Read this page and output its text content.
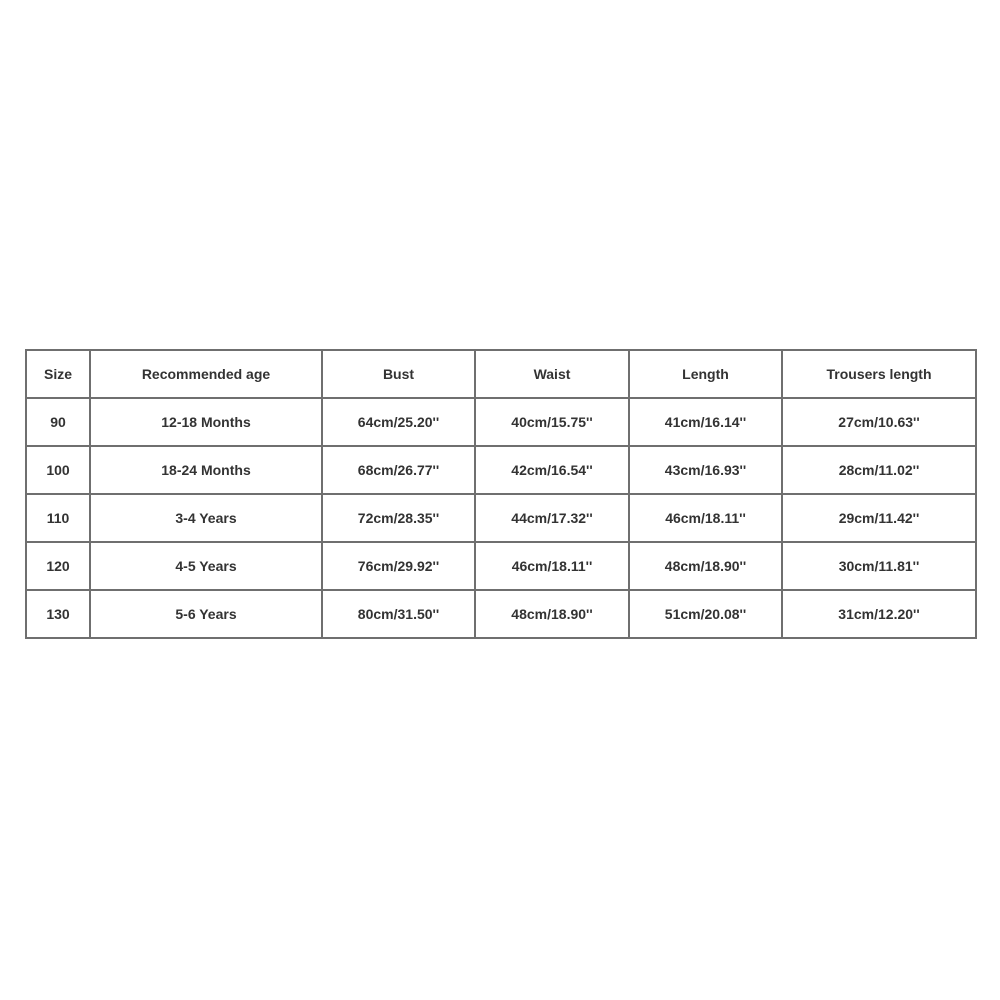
Size	Recommended age	Bust	Waist	Length	Trousers length
90	12-18 Months	64cm/25.20''	40cm/15.75''	41cm/16.14''	27cm/10.63''
100	18-24 Months	68cm/26.77''	42cm/16.54''	43cm/16.93''	28cm/11.02''
110	3-4 Years	72cm/28.35''	44cm/17.32''	46cm/18.11''	29cm/11.42''
120	4-5 Years	76cm/29.92''	46cm/18.11''	48cm/18.90''	30cm/11.81''
130	5-6 Years	80cm/31.50''	48cm/18.90''	51cm/20.08''	31cm/12.20''
